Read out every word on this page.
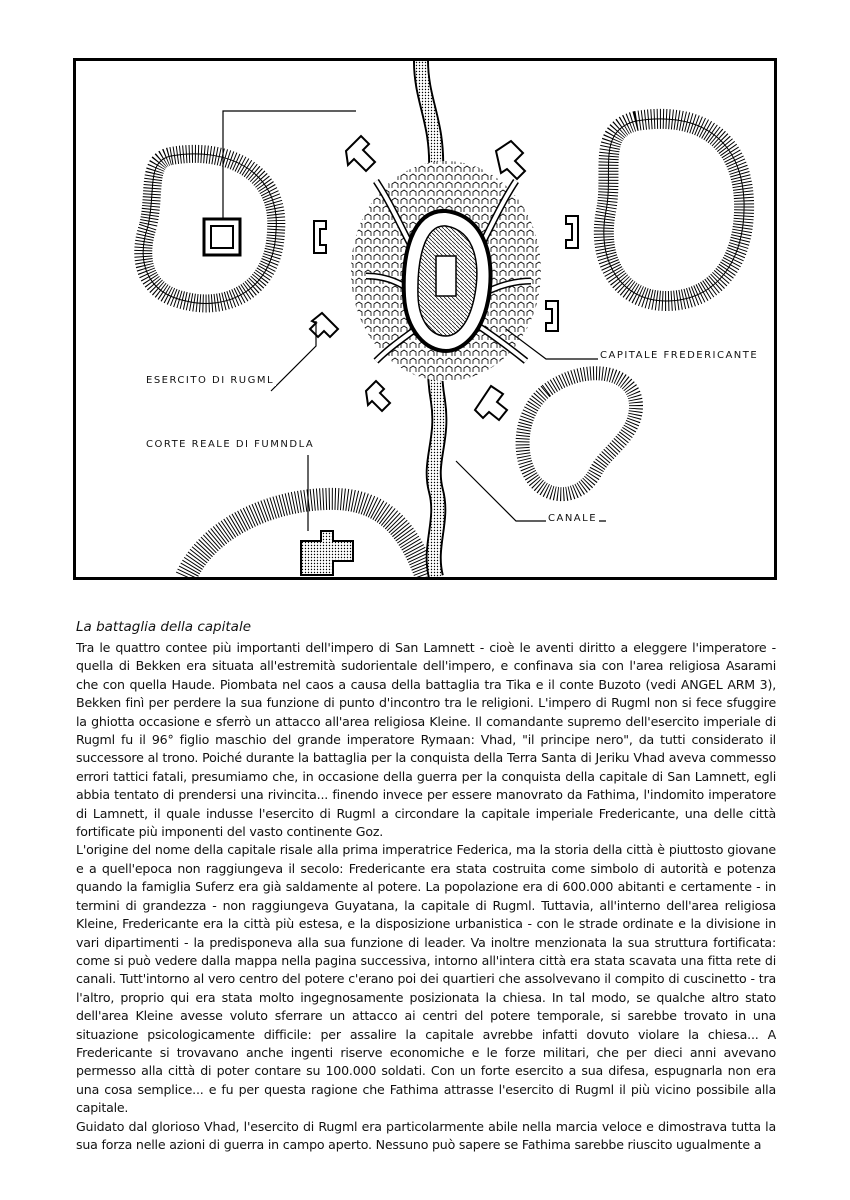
ESERCITO DI RUGML
CORTE REALE DI FUMNDLA
CAPITALE FREDERICANTE
CANALE
La battaglia della capitale

Tra le quattro contee più importanti dell'impero di San Lamnett - cioè le aventi diritto a eleggere l'imperatore - quella di Bekken era situata all'estremità sudorientale dell'impero, e confinava sia con l'area religiosa Asarami che con quella Haude. Piombata nel caos a causa della battaglia tra Tika e il conte Buzoto (vedi ANGEL ARM 3), Bekken finì per perdere la sua funzione di punto d'incontro tra le religioni. L'impero di Rugml non si fece sfuggire la ghiotta occasione e sferrò un attacco all'area religiosa Kleine. Il comandante supremo dell'esercito imperiale di Rugml fu il 96° figlio maschio del grande imperatore Rymaan: Vhad, "il principe nero", da tutti considerato il successore al trono. Poiché durante la battaglia per la conquista della Terra Santa di Jeriku Vhad aveva commesso errori tattici fatali, presumiamo che, in occasione della guerra per la conquista della capitale di San Lamnett, egli abbia tentato di prendersi una rivincita... finendo invece per essere manovrato da Fathima, l'indomito imperatore di Lamnett, il quale indusse l'esercito di Rugml a circondare la capitale imperiale Fredericante, una delle città fortificate più imponenti del vasto continente Goz.

L'origine del nome della capitale risale alla prima imperatrice Federica, ma la storia della città è piuttosto giovane e a quell'epoca non raggiungeva il secolo: Fredericante era stata costruita come simbolo di autorità e potenza quando la famiglia Suferz era già saldamente al potere. La popolazione era di 600.000 abitanti e certamente - in termini di grandezza - non raggiungeva Guyatana, la capitale di Rugml. Tuttavia, all'interno dell'area religiosa Kleine, Fredericante era la città più estesa, e la disposizione urbanistica - con le strade ordinate e la divisione in vari dipartimenti - la predisponeva alla sua funzione di leader. Va inoltre menzionata la sua struttura fortificata: come si può vedere dalla mappa nella pagina successiva, intorno all'intera città era stata scavata una fitta rete di canali. Tutt'intorno al vero centro del potere c'erano poi dei quartieri che assolvevano il compito di cuscinetto - tra l'altro, proprio qui era stata molto ingegnosamente posizionata la chiesa. In tal modo, se qualche altro stato dell'area Kleine avesse voluto sferrare un attacco ai centri del potere temporale, si sarebbe trovato in una situazione psicologicamente difficile: per assalire la capitale avrebbe infatti dovuto violare la chiesa... A Fredericante si trovavano anche ingenti riserve economiche e le forze militari, che per dieci anni avevano permesso alla città di poter contare su 100.000 soldati. Con un forte esercito a sua difesa, espugnarla non era una cosa semplice... e fu per questa ragione che Fathima attrasse l'esercito di Rugml il più vicino possibile alla capitale.

Guidato dal glorioso Vhad, l'esercito di Rugml era particolarmente abile nella marcia veloce e dimostrava tutta la sua forza nelle azioni di guerra in campo aperto. Nessuno può sapere se Fathima sarebbe riuscito ugualmente a
